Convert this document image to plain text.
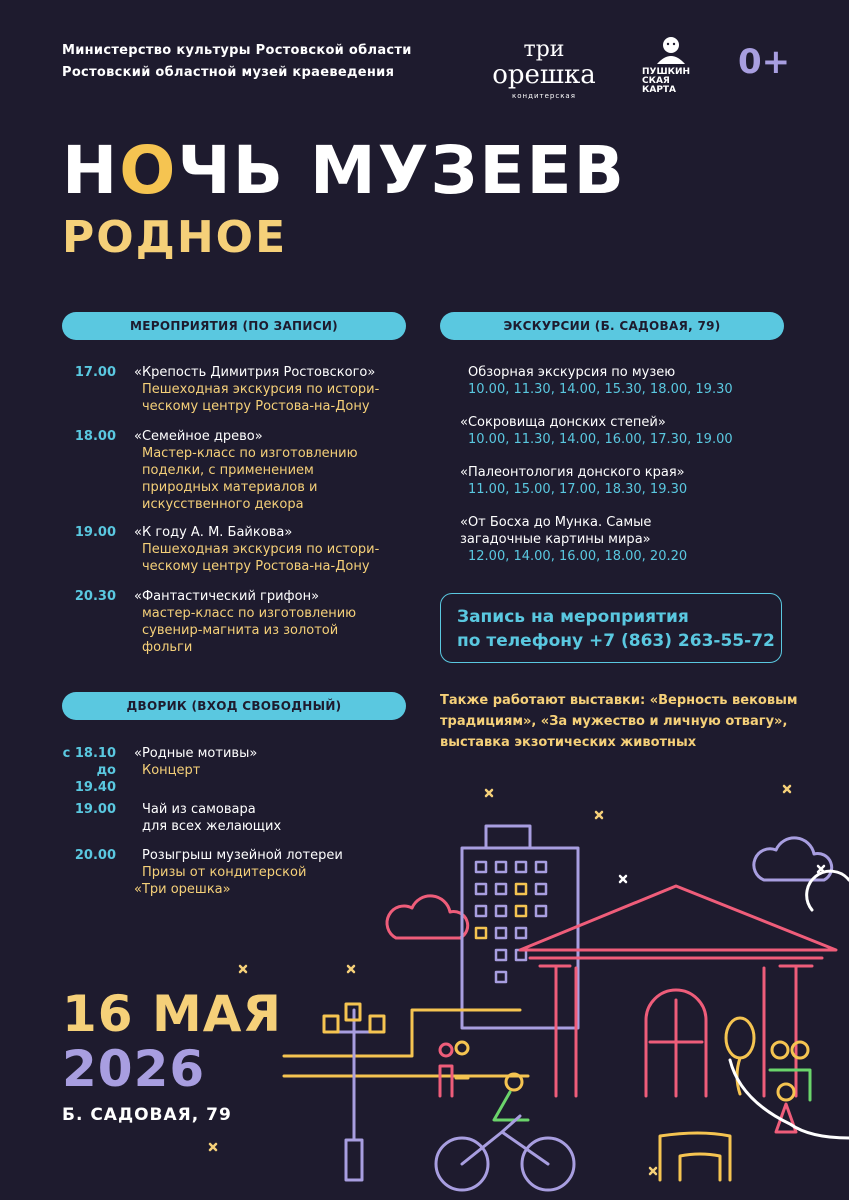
Министерство культуры Ростовской области
Ростовский областной музей краеведения
три
орешка
кондитерская
ПУШКИН
СКАЯ
КАРТА
0+
НОЧЬ МУЗЕЕВ
РОДНОЕ
МЕРОПРИЯТИЯ (ПО ЗАПИСИ)
17.00 «Крепость Димитрия Ростовского»
Пешеходная экскурсия по истори-
ческому центру Ростова-на-Дону
18.00 «Семейное древо»
Мастер-класс по изготовлению
поделки, с применением
природных материалов и
искусственного декора
19.00 «К году А. М. Байкова»
Пешеходная экскурсия по истори-
ческому центру Ростова-на-Дону
20.30 «Фантастический грифон»
мастер-класс по изготовлению
сувенир-магнита из золотой
фольги
ДВОРИК (ВХОД СВОБОДНЫЙ)
с 18.10
до 19.40
«Родные мотивы»
Концерт
19.00 Чай из самовара
для всех желающих
20.00 Розыгрыш музейной лотереи
Призы от кондитерской
«Три орешка»
ЭКСКУРСИИ (Б. САДОВАЯ, 79)
Обзорная экскурсия по музею
10.00, 11.30, 14.00, 15.30, 18.00, 19.30
«Сокровища донских степей»
10.00, 11.30, 14.00, 16.00, 17.30, 19.00
«Палеонтология донского края»
11.00, 15.00, 17.00, 18.30, 19.30
«От Босха до Мунка. Самые
загадочные картины мира»
12.00, 14.00, 16.00, 18.00, 20.20
Запись на мероприятия
по телефону +7 (863) 263-55-72
Также работают выставки: «Верность вековым традициям», «За мужество и личную отвагу», выставка экзотических животных
16 МАЯ
2026
Б. САДОВАЯ, 79
